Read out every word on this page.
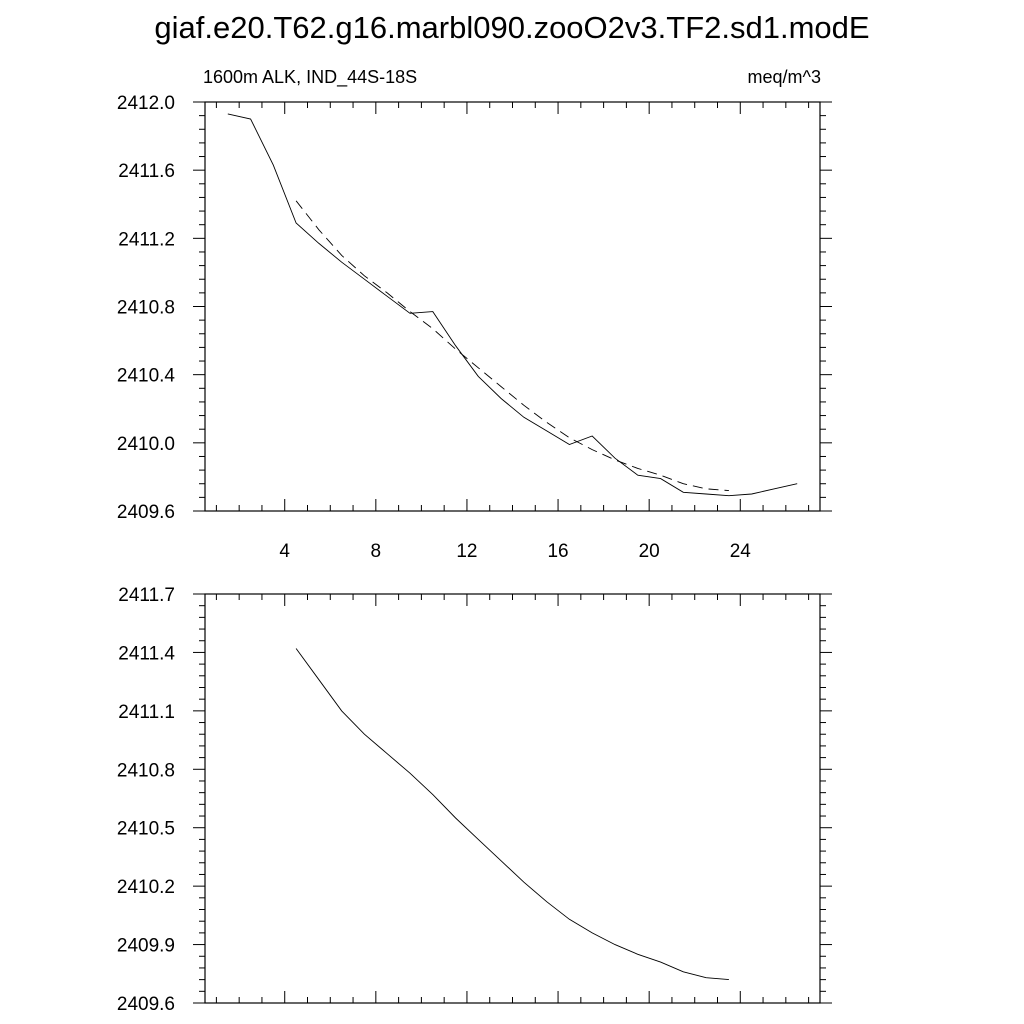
giaf.e20.T62.g16.marbl090.zooO2v3.TF2.sd1.modE
1600m ALK, IND_44S-18S	meq/m^3
4	8	12	16	20	24
2409.6
2410.0
2410.4
2410.8
2411.2
2411.6
2412.0
2409.6
2409.9
2410.2
2410.5
2410.8
2411.1
2411.4
2411.7
